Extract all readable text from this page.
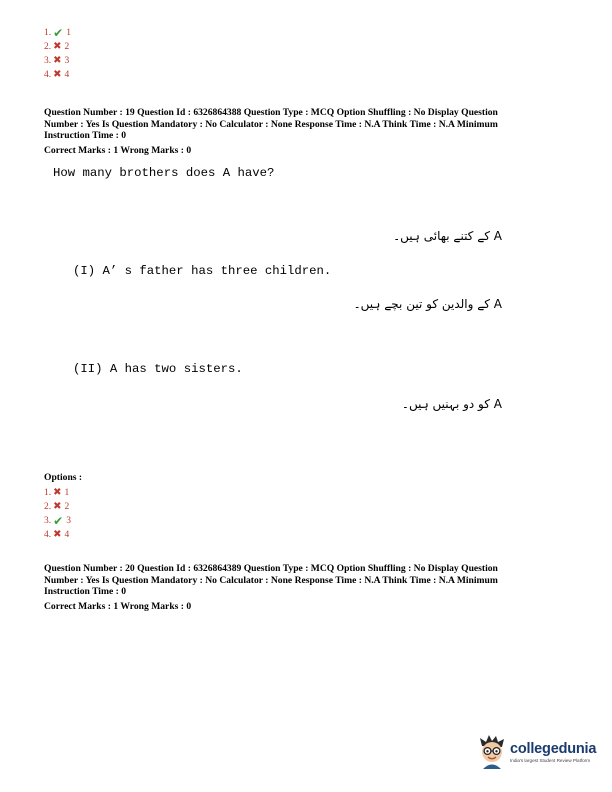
1. ✔ 1
2. ✖ 2
3. ✖ 3
4. ✖ 4
Question Number : 19 Question Id : 6326864388 Question Type : MCQ Option Shuffling : No Display Question
Number : Yes Is Question Mandatory : No Calculator : None Response Time : N.A Think Time : N.A Minimum
Instruction Time : 0
Correct Marks : 1 Wrong Marks : 0
How many brothers does A have?
A کے کتنے بھائی ہیں۔
(I) A’ s father has three children.
A کے والدین کو تین بچے ہیں۔
(II) A has two sisters.
A کو دو بہنیں ہیں۔
Options :
1. ✖ 1
2. ✖ 2
3. ✔ 3
4. ✖ 4
Question Number : 20 Question Id : 6326864389 Question Type : MCQ Option Shuffling : No Display Question
Number : Yes Is Question Mandatory : No Calculator : None Response Time : N.A Think Time : N.A Minimum
Instruction Time : 0
Correct Marks : 1 Wrong Marks : 0
collegedunia
India's largest Student Review Platform
